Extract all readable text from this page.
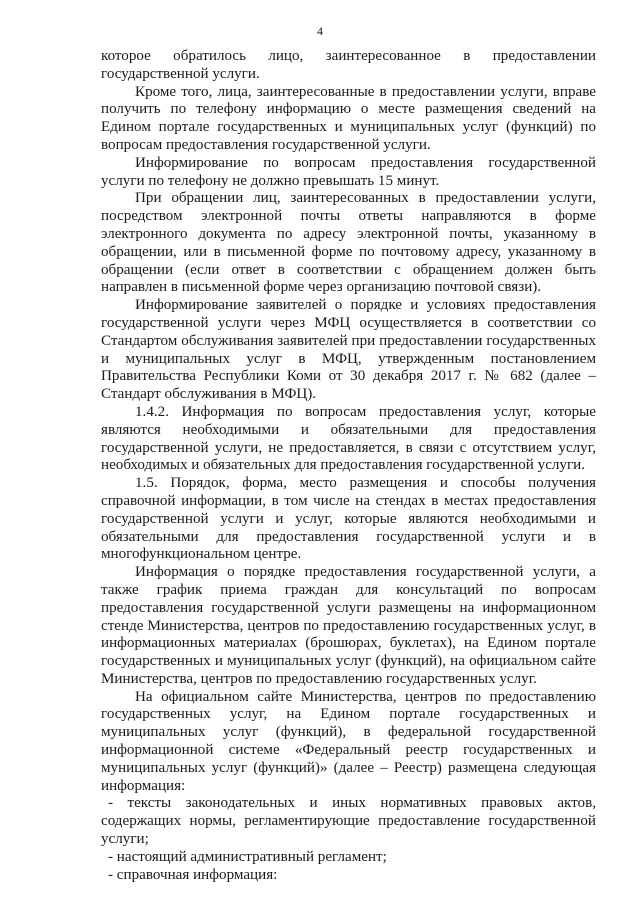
4

которое обратилось лицо, заинтересованное в предоставлении государственной услуги.

Кроме того, лица, заинтересованные в предоставлении услуги, вправе получить по телефону информацию о месте размещения сведений на Едином портале государственных и муниципальных услуг (функций) по вопросам предоставления государственной услуги.

Информирование по вопросам предоставления государственной услуги по телефону не должно превышать 15 минут.

При обращении лиц, заинтересованных в предоставлении услуги, посредством электронной почты ответы направляются в форме электронного документа по адресу электронной почты, указанному в обращении, или в письменной форме по почтовому адресу, указанному в обращении (если ответ в соответствии с обращением должен быть направлен в письменной форме через организацию почтовой связи).

Информирование заявителей о порядке и условиях предоставления государственной услуги через МФЦ осуществляется в соответствии со Стандартом обслуживания заявителей при предоставлении государственных и муниципальных услуг в МФЦ, утвержденным постановлением Правительства Республики Коми от 30 декабря 2017 г. № 682 (далее – Стандарт обслуживания в МФЦ).

1.4.2. Информация по вопросам предоставления услуг, которые являются необходимыми и обязательными для предоставления государственной услуги, не предоставляется, в связи с отсутствием услуг, необходимых и обязательных для предоставления государственной услуги.

1.5. Порядок, форма, место размещения и способы получения справочной информации, в том числе на стендах в местах предоставления государственной услуги и услуг, которые являются необходимыми и обязательными для предоставления государственной услуги и в многофункциональном центре.

Информация о порядке предоставления государственной услуги, а также график приема граждан для консультаций по вопросам предоставления государственной услуги размещены на информационном стенде Министерства, центров по предоставлению государственных услуг, в информационных материалах (брошюрах, буклетах), на Едином портале государственных и муниципальных услуг (функций), на официальном сайте Министерства, центров по предоставлению государственных услуг.

На официальном сайте Министерства, центров по предоставлению государственных услуг, на Едином портале государственных и муниципальных услуг (функций), в федеральной государственной информационной системе «Федеральный реестр государственных и муниципальных услуг (функций)» (далее – Реестр) размещена следующая информация:

- тексты законодательных и иных нормативных правовых актов, содержащих нормы, регламентирующие предоставление государственной услуги;

- настоящий административный регламент;

- справочная информация:
